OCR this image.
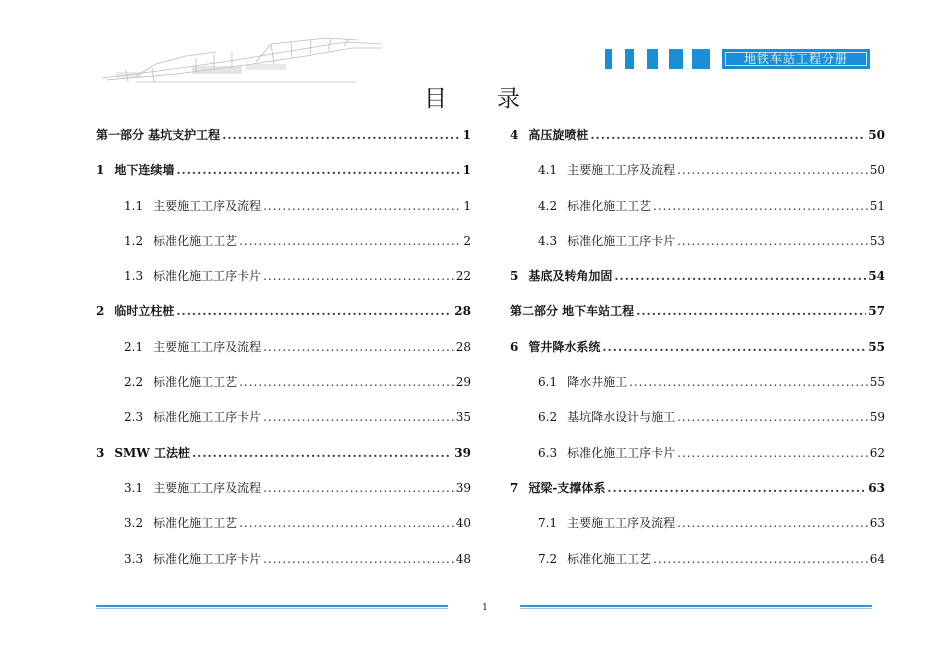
地铁车站工程分册
目 录
第一部分 基坑支护工程 .....	1
1 地下连续墙 .....	1
1.1 主要施工工序及流程 .....	1
1.2 标准化施工工艺 .....	2
1.3 标准化施工工序卡片 .....	22
2 临时立柱桩 .....	28
2.1 主要施工工序及流程 .....	28
2.2 标准化施工工艺 .....	29
2.3 标准化施工工序卡片 .....	35
3 SMW 工法桩 .....	39
3.1 主要施工工序及流程 .....	39
3.2 标准化施工工艺 .....	40
3.3 标准化施工工序卡片 .....	48
4 高压旋喷桩 .....	50
4.1 主要施工工序及流程 .....	50
4.2 标准化施工工艺 .....	51
4.3 标准化施工工序卡片 .....	53
5 基底及转角加固 .....	54
第二部分 地下车站工程 .....	57
6 管井降水系统 .....	55
6.1 降水井施工 .....	55
6.2 基坑降水设计与施工 .....	59
6.3 标准化施工工序卡片 .....	62
7 冠梁-支撑体系 .....	63
7.1 主要施工工序及流程 .....	63
7.2 标准化施工工艺 .....	64
1
